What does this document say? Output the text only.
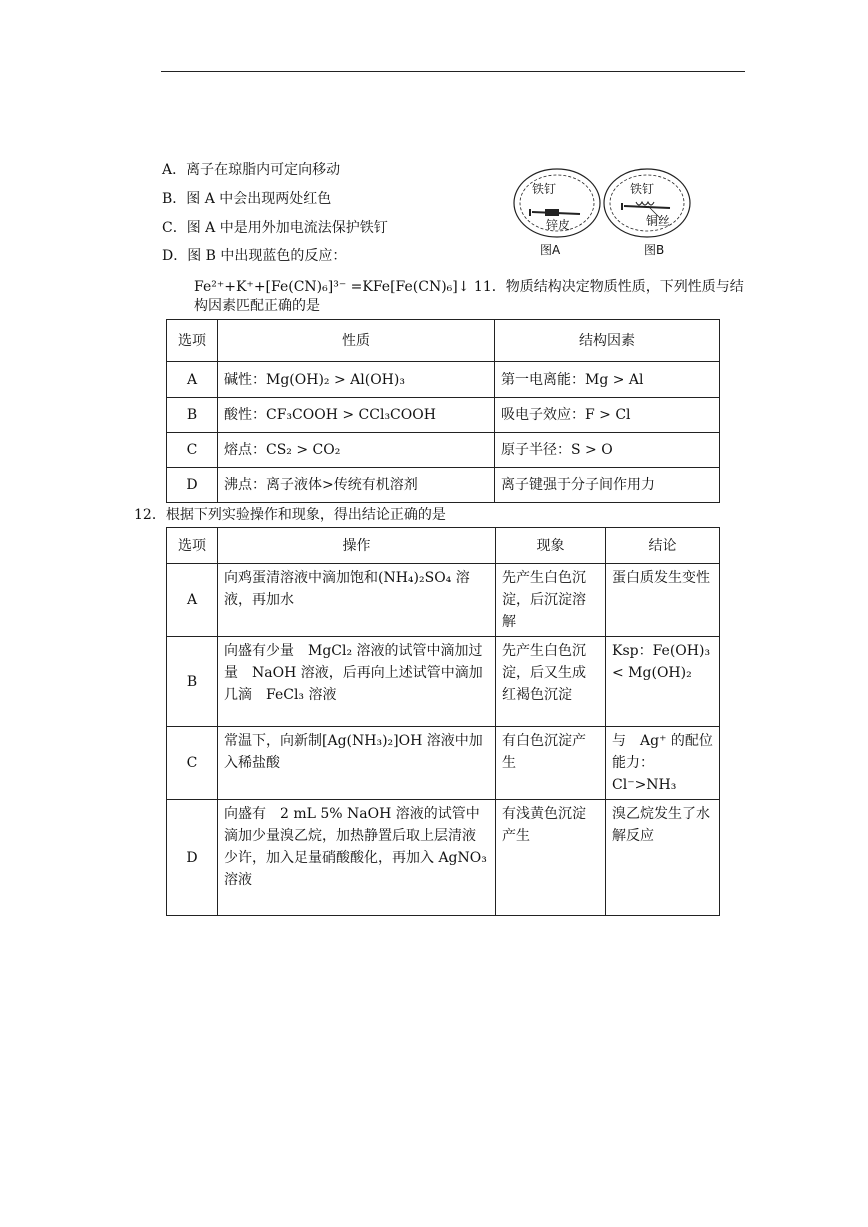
A．离子在琼脂内可定向移动
B．图 A 中会出现两处红色
C．图 A 中是用外加电流法保护铁钉
D．图 B 中出现蓝色的反应：
铁钉
锌皮
图A
铁钉
铜丝
图B
Fe²⁺+K⁺+[Fe(CN)₆]³⁻ =KFe[Fe(CN)₆]↓ 11．物质结构决定物质性质，下列性质与结构因素匹配正确的是
选项	性质	结构因素
A	碱性：Mg(OH)₂ > Al(OH)₃	第一电离能：Mg > Al
B	酸性：CF₃COOH > CCl₃COOH	吸电子效应：F > Cl
C	熔点：CS₂ > CO₂	原子半径：S > O
D	沸点：离子液体>传统有机溶剂	离子键强于分子间作用力
12．根据下列实验操作和现象，得出结论正确的是
选项	操作	现象	结论
A	向鸡蛋清溶液中滴加饱和(NH₄)₂SO₄ 溶液，再加水	先产生白色沉淀，后沉淀溶解	蛋白质发生变性
B	向盛有少量　MgCl₂ 溶液的试管中滴加过量　NaOH 溶液，后再向上述试管中滴加几滴　FeCl₃ 溶液	先产生白色沉淀，后又生成红褐色沉淀	Ksp：Fe(OH)₃ < Mg(OH)₂
C	常温下，向新制[Ag(NH₃)₂]OH 溶液中加入稀盐酸	有白色沉淀产生	与　Ag⁺ 的配位能力：Cl⁻>NH₃
D	向盛有　2 mL 5% NaOH 溶液的试管中滴加少量溴乙烷，加热静置后取上层清液少许，加入足量硝酸酸化，再加入 AgNO₃ 溶液	有浅黄色沉淀产生	溴乙烷发生了水解反应
